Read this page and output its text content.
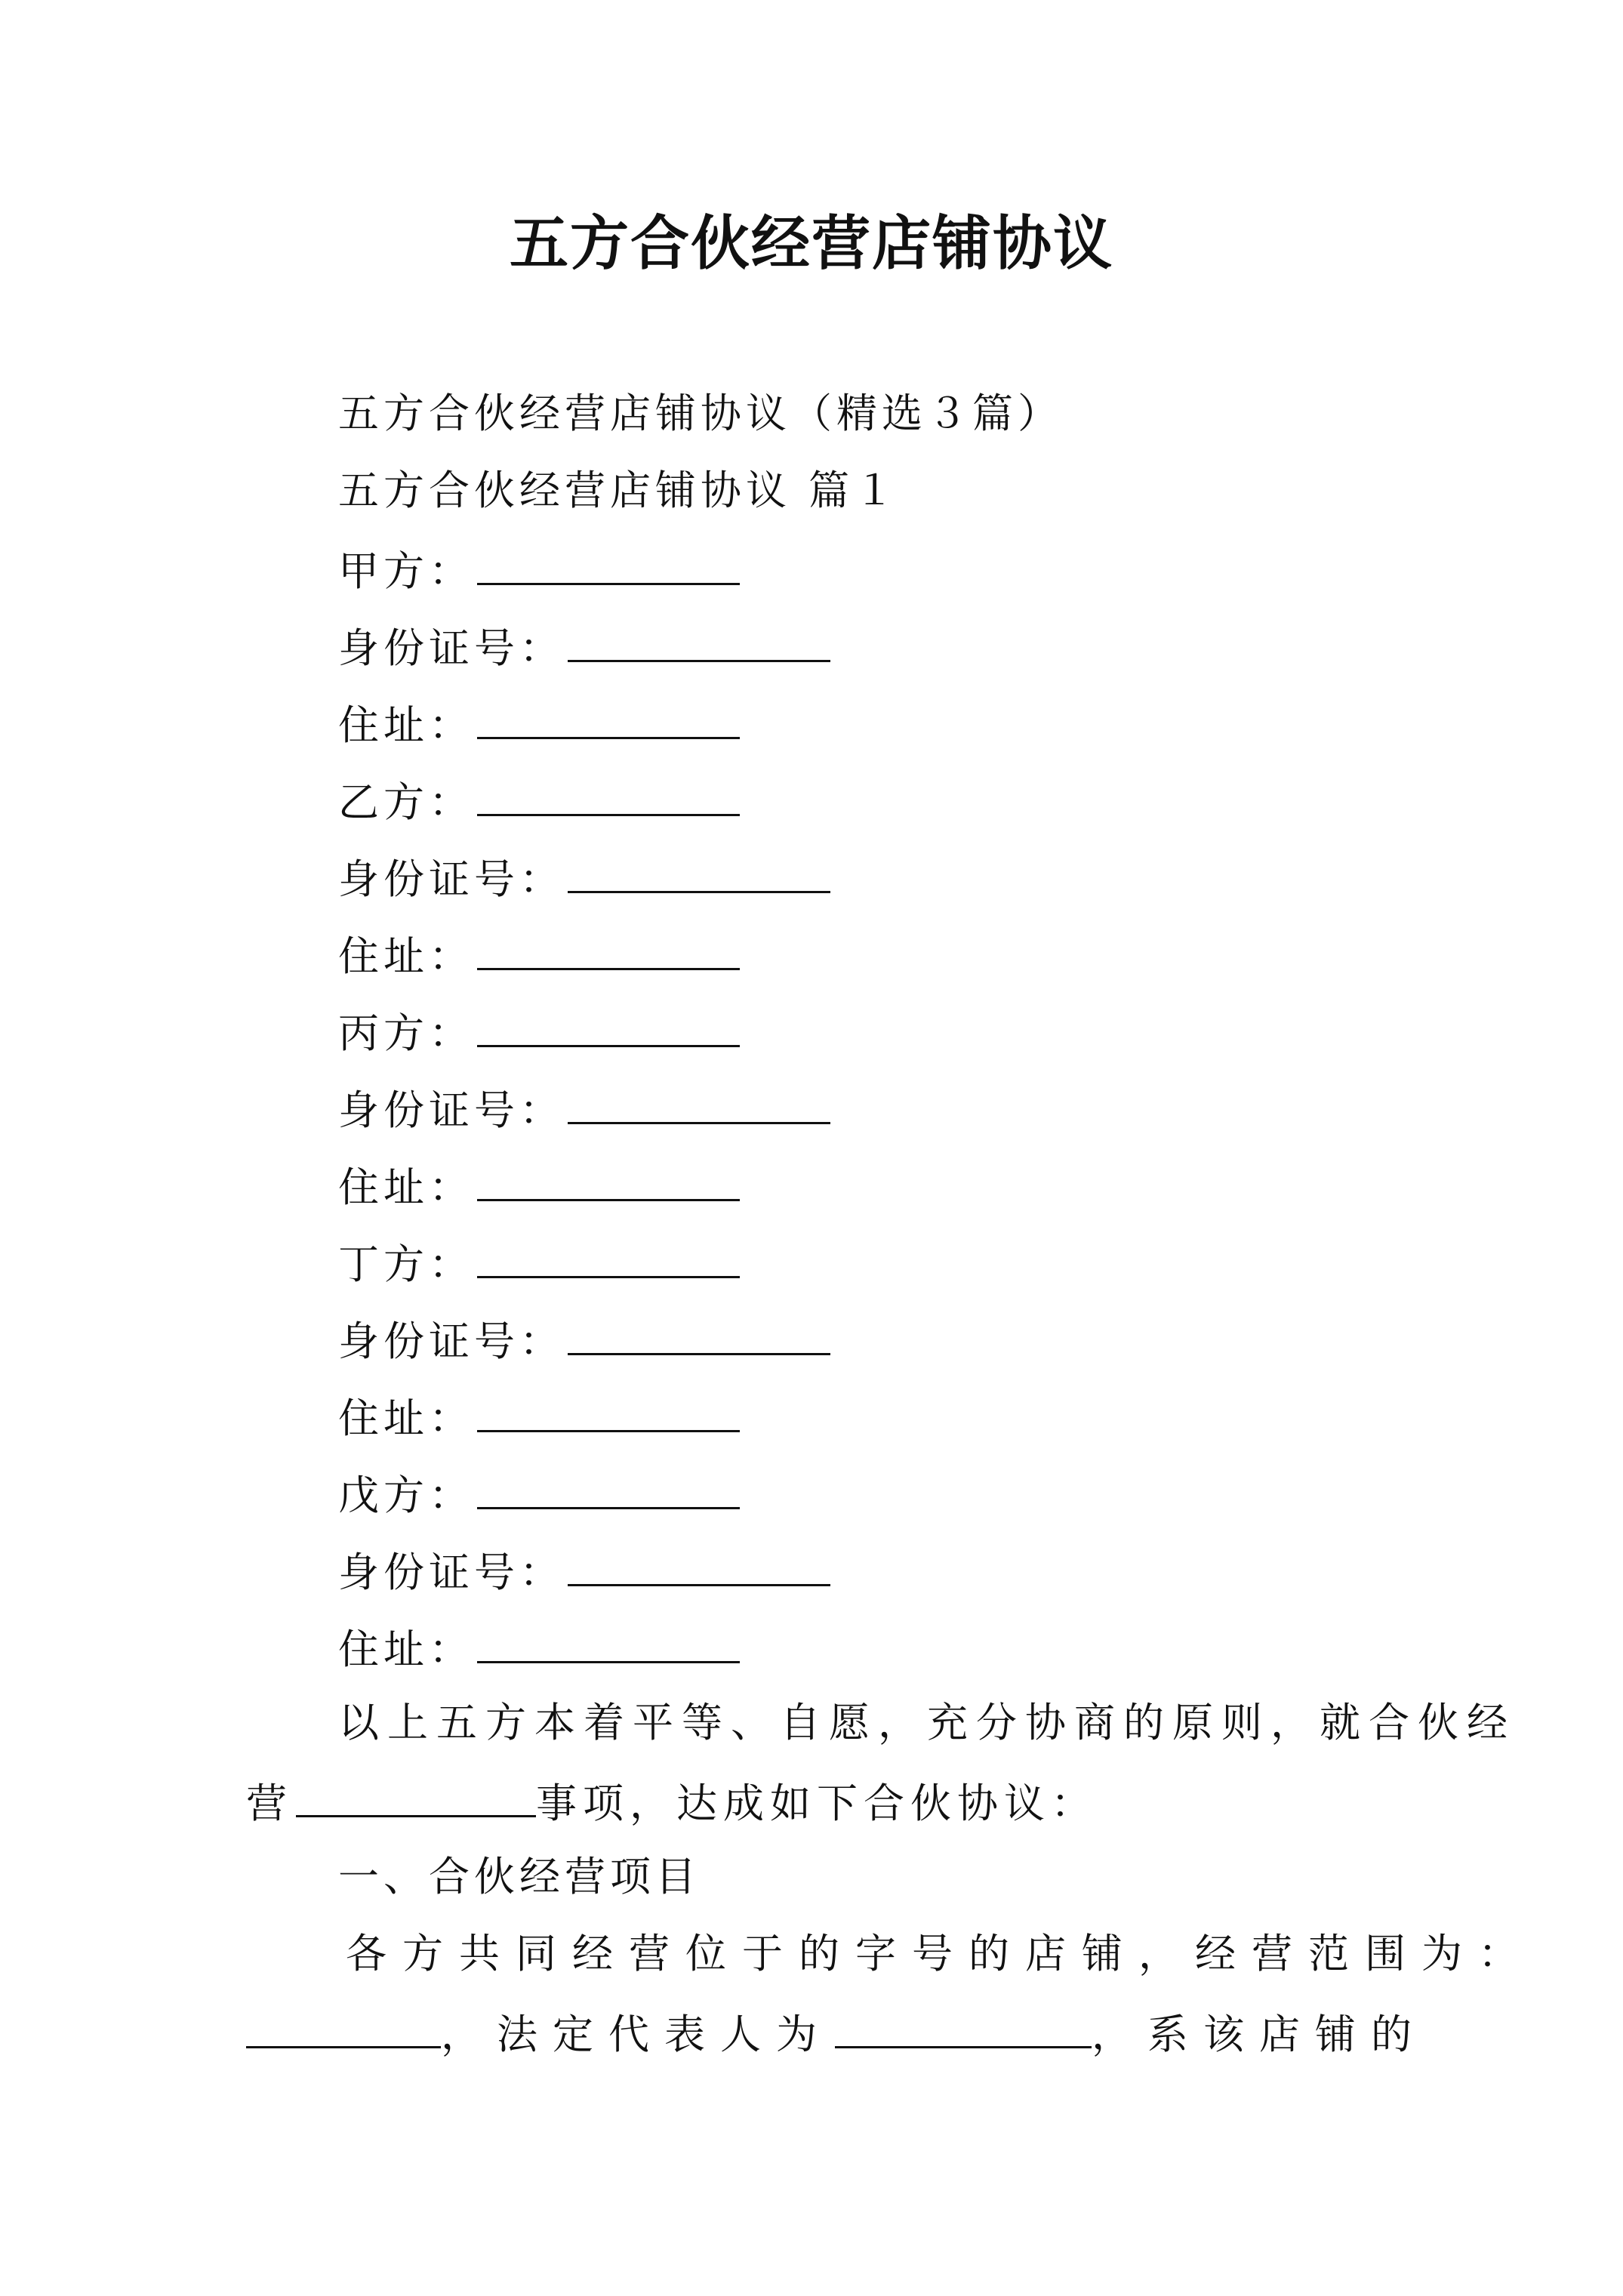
五方合伙经营店铺协议
五方合伙经营店铺协议（精选３篇）
五方合伙经营店铺协议 篇１
甲方：
身份证号：
住址：
乙方：
身份证号：
住址：
丙方：
身份证号：
住址：
丁方：
身份证号：
住址：
戊方：
身份证号：
住址：
以上五方本着平等、自愿，充分协商的原则，就合伙经
营	事项，达成如下合伙协议：
一、合伙经营项目
各方共同经营位于的字号的店铺，经营范围为：
，法定代表人为	，系该店铺的
